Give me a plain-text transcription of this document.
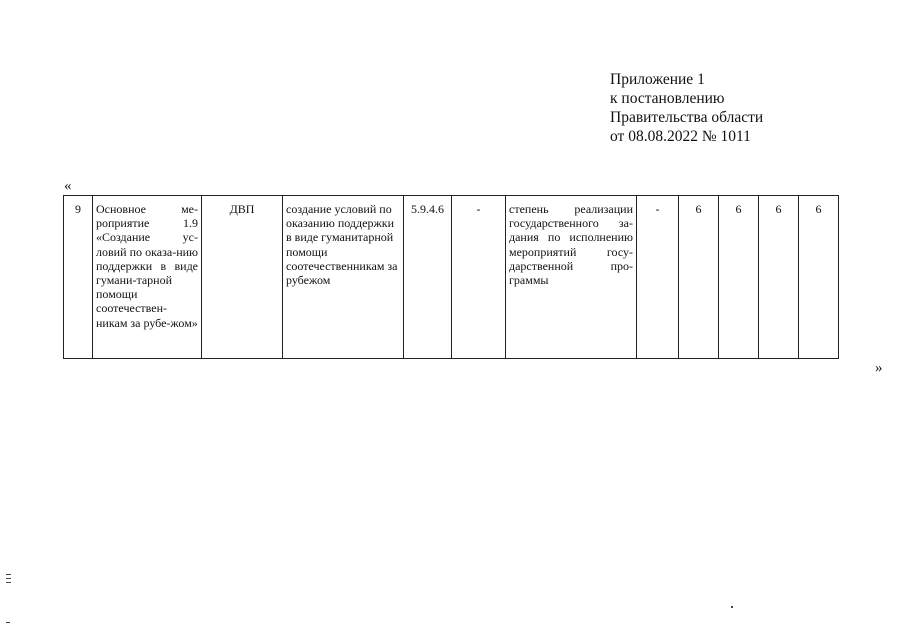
Приложение 1
к постановлению
Правительства области
от 08.08.2022 № 1011
«
9	Основное ме-роприятие 1.9 «Создание ус-ловий по оказа-нию поддержки в виде гумани-тарной помощи соотечествен-никам за рубе-жом»	ДВП	создание условий по оказанию поддержки в виде гуманитарной помощи соотечественникам за рубежом	5.9.4.6	-	степень реализации государственного за-дания по исполнению мероприятий госу-дарственной про-граммы	-	6	6	6	6
»
